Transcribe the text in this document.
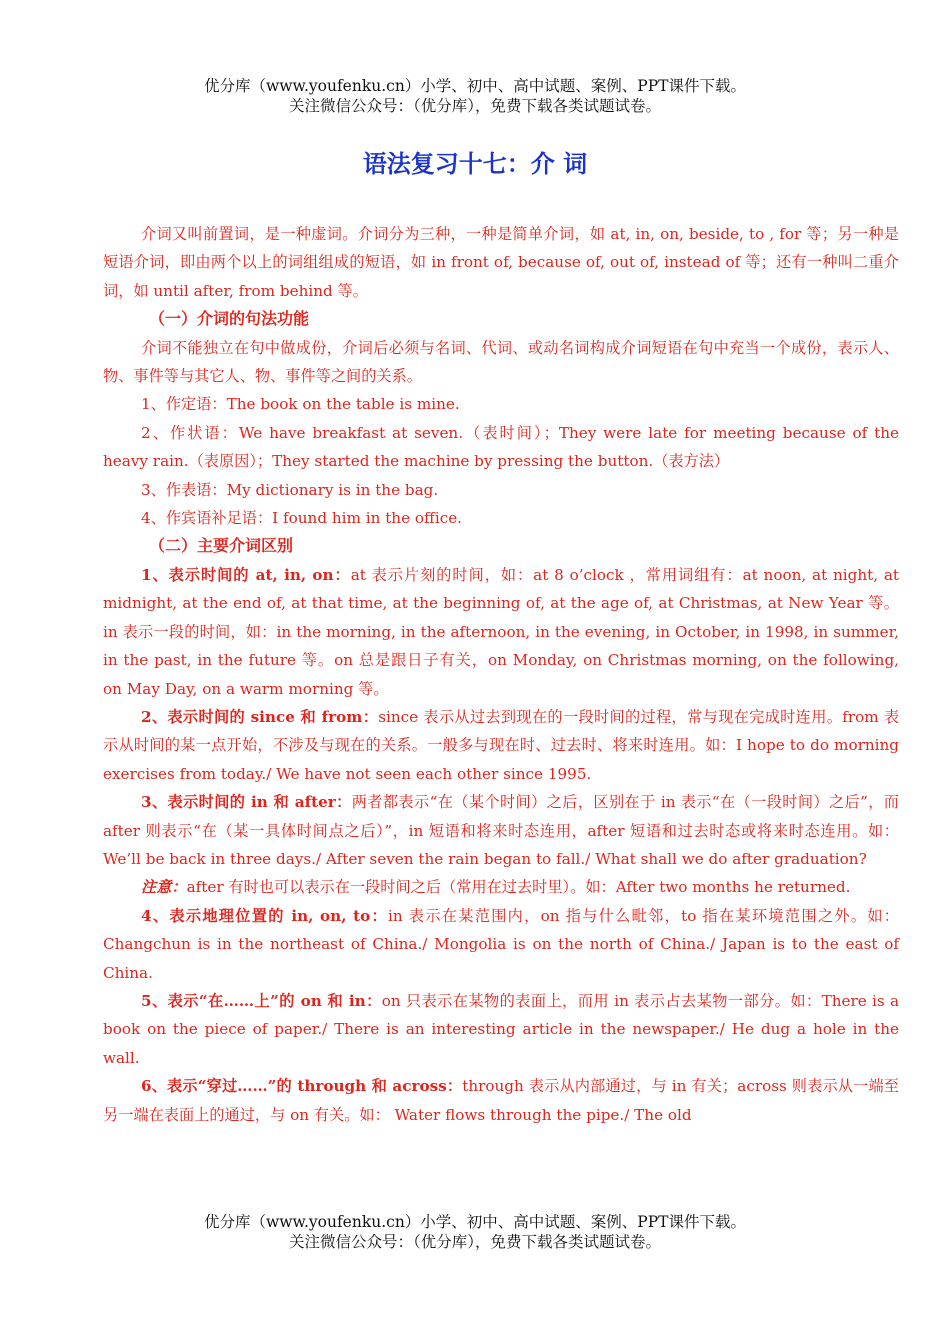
优分库（www.youfenku.cn）小学、初中、高中试题、案例、PPT课件下载。
关注微信公众号：（优分库），免费下载各类试题试卷。
语法复习十七：介 词

介词又叫前置词，是一种虚词。介词分为三种，一种是简单介词，如 at, in, on, beside, to , for 等；另一种是短语介词，即由两个以上的词组组成的短语，如 in front of, because of, out of, instead of 等；还有一种叫二重介词，如 until after, from behind 等。

（一）介词的句法功能

介词不能独立在句中做成份，介词后必须与名词、代词、或动名词构成介词短语在句中充当一个成份，表示人、物、事件等与其它人、物、事件等之间的关系。

1、作定语：The book on the table is mine.

2、作状语：We have breakfast at seven.（表时间）；They were late for meeting because of the heavy rain.（表原因）；They started the machine by pressing the button.（表方法）

3、作表语：My dictionary is in the bag.

4、作宾语补足语：I found him in the office.

（二）主要介词区别

1、表示时间的 at, in, on：at 表示片刻的时间，如：at 8 o’clock ，常用词组有：at noon, at night, at midnight, at the end of, at that time, at the beginning of, at the age of, at Christmas, at New Year 等。in 表示一段的时间，如：in the morning, in the afternoon, in the evening, in October, in 1998, in summer, in the past, in the future 等。on 总是跟日子有关，on Monday, on Christmas morning, on the following, on May Day, on a warm morning 等。

2、表示时间的 since 和 from：since 表示从过去到现在的一段时间的过程，常与现在完成时连用。from 表示从时间的某一点开始，不涉及与现在的关系。一般多与现在时、过去时、将来时连用。如：I hope to do morning exercises from today./ We have not seen each other since 1995.

3、表示时间的 in 和 after：两者都表示“在（某个时间）之后，区别在于 in 表示“在（一段时间）之后”，而 after 则表示“在（某一具体时间点之后）”，in 短语和将来时态连用，after 短语和过去时态或将来时态连用。如：We’ll be back in three days./ After seven the rain began to fall./ What shall we do after graduation?

注意：after 有时也可以表示在一段时间之后（常用在过去时里）。如：After two months he returned.

4、表示地理位置的 in, on, to：in 表示在某范围内，on 指与什么毗邻，to 指在某环境范围之外。如：Changchun is in the northeast of China./ Mongolia is on the north of China./ Japan is to the east of China.

5、表示“在……上”的 on 和 in：on 只表示在某物的表面上，而用 in 表示占去某物一部分。如：There is a book on the piece of paper./ There is an interesting article in the newspaper./ He dug a hole in the wall.

6、表示“穿过……”的 through 和 across：through 表示从内部通过，与 in 有关；across 则表示从一端至另一端在表面上的通过，与 on 有关。如： Water flows through the pipe./ The old

优分库（www.youfenku.cn）小学、初中、高中试题、案例、PPT课件下载。
关注微信公众号：（优分库），免费下载各类试题试卷。
